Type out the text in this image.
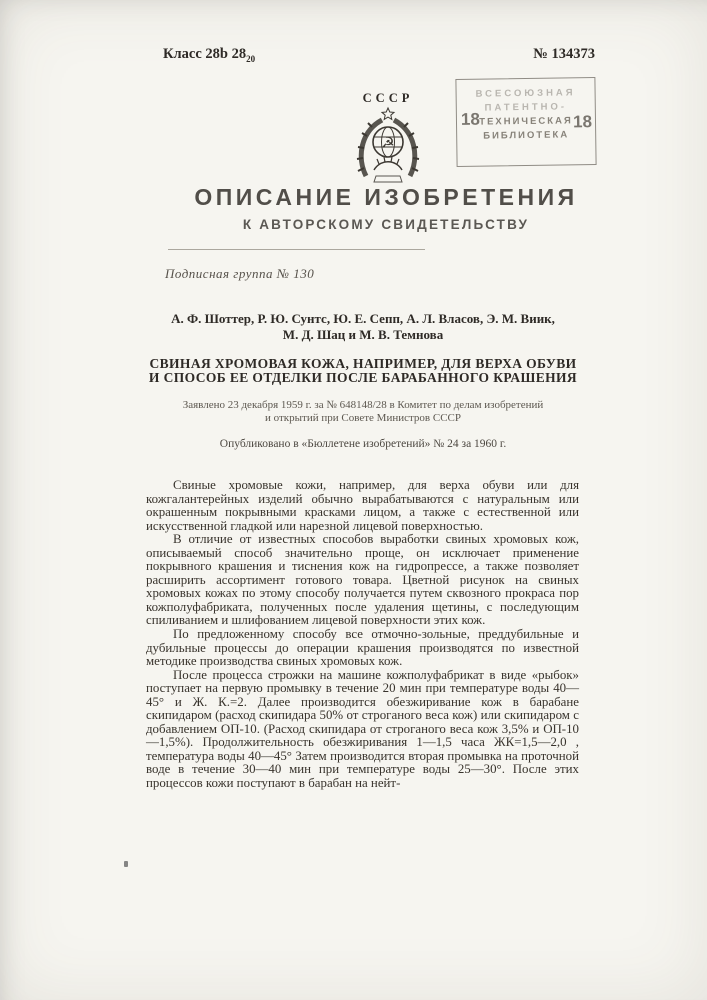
Класс 28b $28_{20}$	№ 134373
ВСЕСОЮЗНАЯ
ПАТЕНТНО-
ТЕХНИЧЕСКАЯ
БИБЛИОТЕКА
18	18
СССР
☭
ОПИСАНИЕ ИЗОБРЕТЕНИЯ
К АВТОРСКОМУ СВИДЕТЕЛЬСТВУ
Подписная группа № 130
А. Ф. Шоттер, Р. Ю. Сунтс, Ю. Е. Сепп, А. Л. Власов, Э. М. Виик,
М. Д. Шац и М. В. Темнова
СВИНАЯ ХРОМОВАЯ КОЖА, НАПРИМЕР, ДЛЯ ВЕРХА ОБУВИ
И СПОСОБ ЕЕ ОТДЕЛКИ ПОСЛЕ БАРАБАННОГО КРАШЕНИЯ
Заявлено 23 декабря 1959 г. за № 648148/28 в Комитет по делам изобретений
и открытий при Совете Министров СССР
Опубликовано в «Бюллетене изобретений» № 24 за 1960 г.

Свиные хромовые кожи, например, для верха обуви или для кожгалантерейных изделий обычно вырабатываются с натуральным или окрашенным покрывными красками лицом, а также с естественной или искусственной гладкой или нарезной лицевой поверхностью.

В отличие от известных способов выработки свиных хромовых кож, описываемый способ значительно проще, он исключает применение покрывного крашения и тиснения кож на гидропрессе, а также позволяет расширить ассортимент готового товара. Цветной рисунок на свиных хромовых кожах по этому способу получается путем сквозного прокраса пор кожполуфабриката, полученных после удаления щетины, с последующим спиливанием и шлифованием лицевой поверхности этих кож.

По предложенному способу все отмочно-зольные, преддубильные и дубильные процессы до операции крашения производятся по известной методике производства свиных хромовых кож.

После процесса строжки на машине кожполуфабрикат в виде «рыбок» поступает на первую промывку в течение 20 мин при температуре воды 40—45° и Ж. К.=2. Далее производится обезжиривание кож в барабане скипидаром (расход скипидара 50% от строганого веса кож) или скипидаром с добавлением ОП-10. (Расход скипидара от строганого веса кож 3,5% и ОП-10—1,5%). Продолжительность обезжиривания 1—1,5 часа ЖК=1,5—2,0 , температура воды 40—45° Затем производится вторая промывка на проточной воде в течение 30—40 мин при температуре воды 25—30°. После этих процессов кожи поступают в барабан на нейт-
